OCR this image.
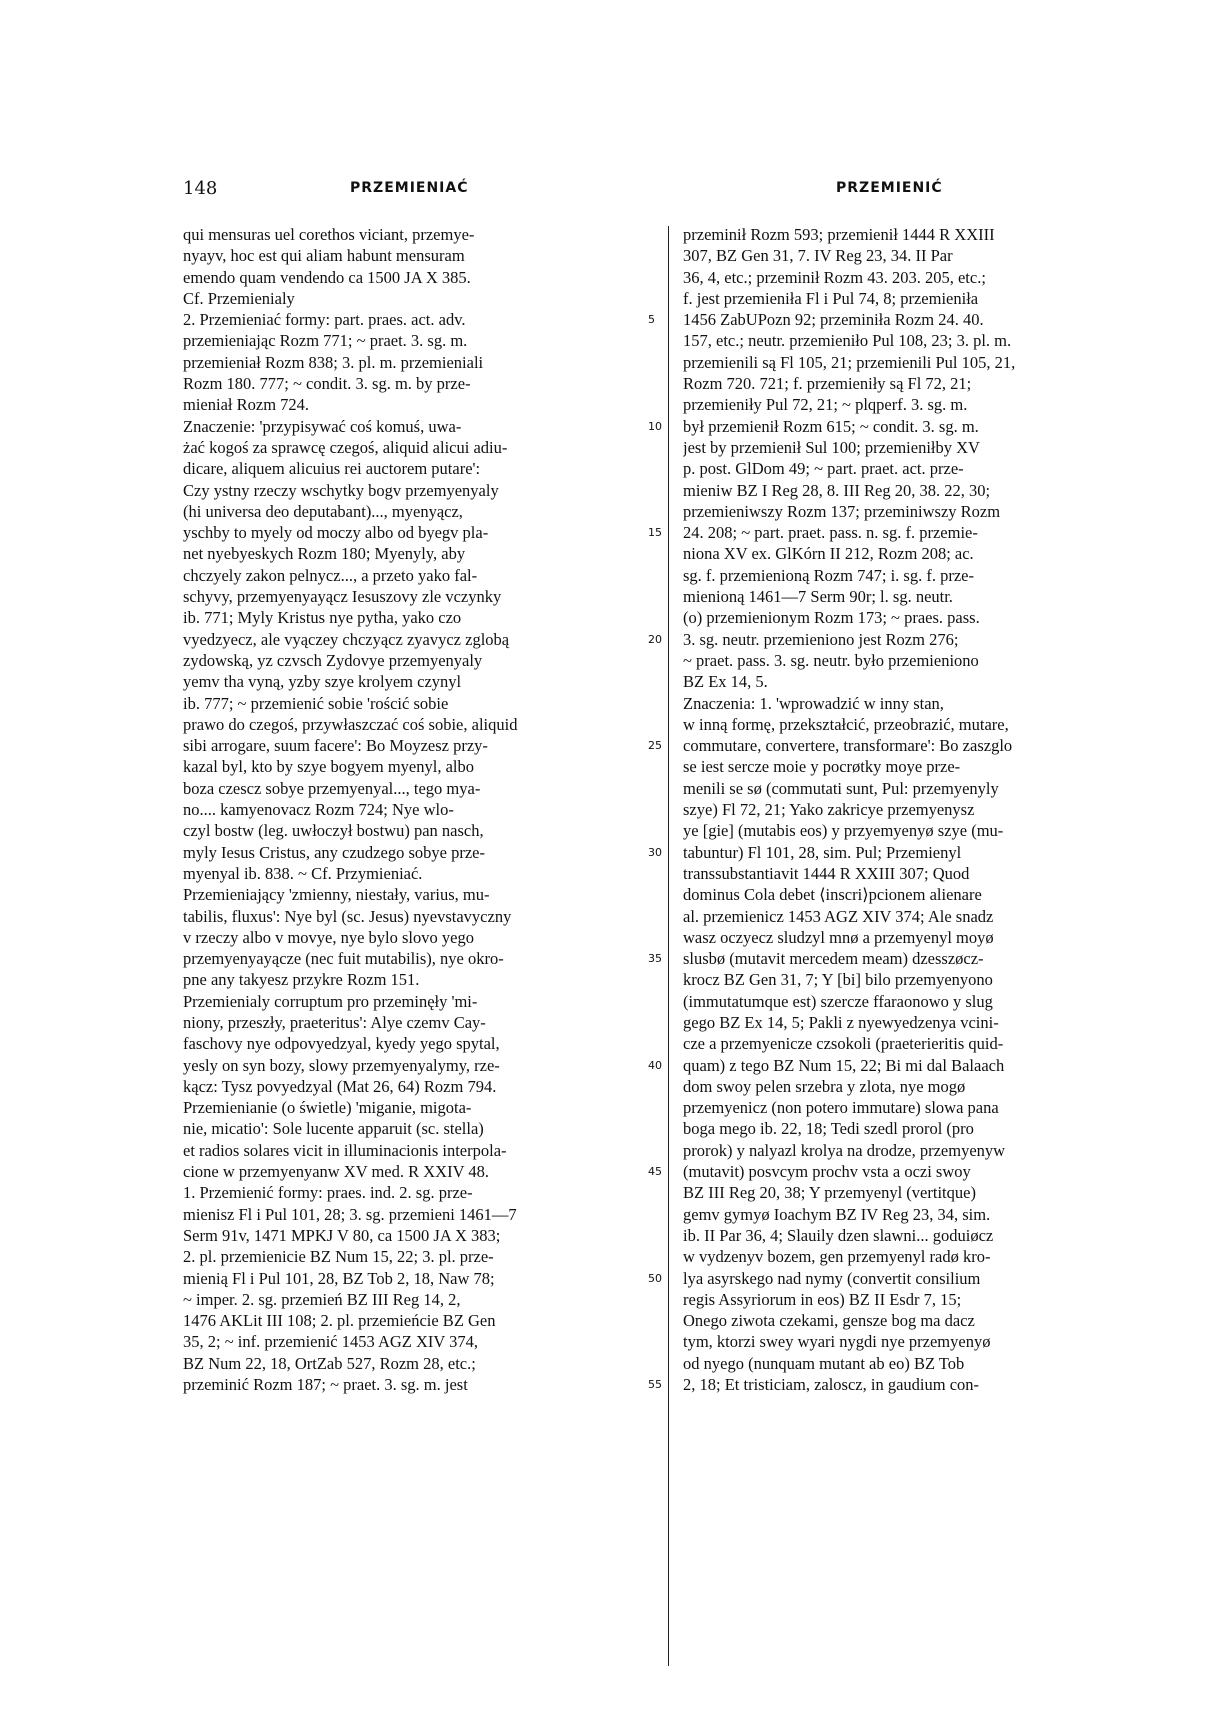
148	PRZEMIENIAĆ	PRZEMIENIĆ
qui mensuras uel corethos viciant, przemye-
nyayv, hoc est qui aliam habunt mensuram
emendo quam vendendo ca 1500 JA X 385.
Cf. Przemienialy
2. Przemieniać formy: part. praes. act. adv.
przemieniając Rozm 771; ~ praet. 3. sg. m.
przemieniał Rozm 838; 3. pl. m. przemieniali
Rozm 180. 777; ~ condit. 3. sg. m. by prze-
mieniał Rozm 724.
Znaczenie: 'przypisywać coś komuś, uwa-
żać kogoś za sprawcę czegoś, aliquid alicui adiu-
dicare, aliquem alicuius rei auctorem putare':
Czy ystny rzeczy wschytky bogv przemyenyaly
(hi universa deo deputabant)..., myenyącz,
yschby to myely od moczy albo od byegv pla-
net nyebyeskych Rozm 180; Myenyly, aby
chczyely zakon pelnycz..., a przeto yako fal-
schyvy, przemyenyayącz Iesuszovy zle vczynky
ib. 771; Myly Kristus nye pytha, yako czo
vyedzyecz, ale vyączey chczyącz zyavycz zglobą
zydowską, yz czvsch Zydovye przemyenyaly
yemv tha vyną, yzby szye krolyem czynyl
ib. 777; ~ przemienić sobie 'rościć sobie
prawo do czegoś, przywłaszczać coś sobie, aliquid
sibi arrogare, suum facere': Bo Moyzesz przy-
kazal byl, kto by szye bogyem myenyl, albo
boza czescz sobye przemyenyal..., tego mya-
no.... kamyenovacz Rozm 724; Nye wlo-
czyl bostw (leg. uwłoczył bostwu) pan nasch,
myly Iesus Cristus, any czudzego sobye prze-
myenyal ib. 838. ~ Cf. Przymieniać.
Przemieniający 'zmienny, niestały, varius, mu-
tabilis, fluxus': Nye byl (sc. Jesus) nyevstavyczny
v rzeczy albo v movye, nye bylo slovo yego
przemyenyayącze (nec fuit mutabilis), nye okro-
pne any takyesz przykre Rozm 151.
Przemienialy corruptum pro przeminęły 'mi-
niony, przeszły, praeteritus': Alye czemv Cay-
faschovy nye odpovyedzyal, kyedy yego spytal,
yesly on syn bozy, slowy przemyenyalymy, rze-
kącz: Tysz povyedzyal (Mat 26, 64) Rozm 794.
Przemienianie (o świetle) 'miganie, migota-
nie, micatio': Sole lucente apparuit (sc. stella)
et radios solares vicit in illuminacionis interpola-
cione w przemyenyanw XV med. R XXIV 48.
1. Przemienić formy: praes. ind. 2. sg. prze-
mienisz Fl i Pul 101, 28; 3. sg. przemieni 1461—7
Serm 91v, 1471 MPKJ V 80, ca 1500 JA X 383;
2. pl. przemienicie BZ Num 15, 22; 3. pl. prze-
mienią Fl i Pul 101, 28, BZ Tob 2, 18, Naw 78;
~ imper. 2. sg. przemień BZ III Reg 14, 2,
1476 AKLit III 108; 2. pl. przemieńcie BZ Gen
35, 2; ~ inf. przemienić 1453 AGZ XIV 374,
BZ Num 22, 18, OrtZab 527, Rozm 28, etc.;
przeminić Rozm 187; ~ praet. 3. sg. m. jest
5
10
15
20
25
30
35
40
45
50
55
przeminił Rozm 593; przemienił 1444 R XXIII
307, BZ Gen 31, 7. IV Reg 23, 34. II Par
36, 4, etc.; przeminił Rozm 43. 203. 205, etc.;
f. jest przemieniła Fl i Pul 74, 8; przemieniła
1456 ZabUPozn 92; przeminiła Rozm 24. 40.
157, etc.; neutr. przemieniło Pul 108, 23; 3. pl. m.
przemienili są Fl 105, 21; przemienili Pul 105, 21,
Rozm 720. 721; f. przemieniły są Fl 72, 21;
przemieniły Pul 72, 21; ~ plqperf. 3. sg. m.
był przemienił Rozm 615; ~ condit. 3. sg. m.
jest by przemienił Sul 100; przemieniłby XV
p. post. GlDom 49; ~ part. praet. act. prze-
mieniw BZ I Reg 28, 8. III Reg 20, 38. 22, 30;
przemieniwszy Rozm 137; przeminiwszy Rozm
24. 208; ~ part. praet. pass. n. sg. f. przemie-
niona XV ex. GlKórn II 212, Rozm 208; ac.
sg. f. przemienioną Rozm 747; i. sg. f. prze-
mienioną 1461—7 Serm 90r; l. sg. neutr.
(o) przemienionym Rozm 173; ~ praes. pass.
3. sg. neutr. przemieniono jest Rozm 276;
~ praet. pass. 3. sg. neutr. było przemieniono
BZ Ex 14, 5.
Znaczenia: 1. 'wprowadzić w inny stan,
w inną formę, przekształcić, przeobrazić, mutare,
commutare, convertere, transformare': Bo zaszglo
se iest sercze moie y pocrøtky moye prze-
menili se sø (commutati sunt, Pul: przemyenyly
szye) Fl 72, 21; Yako zakricye przemyenysz
ye [gie] (mutabis eos) y przyemyenyø szye (mu-
tabuntur) Fl 101, 28, sim. Pul; Przemienyl
transsubstantiavit 1444 R XXIII 307; Quod
dominus Cola debet ⟨inscri⟩pcionem alienare
al. przemienicz 1453 AGZ XIV 374; Ale snadz
wasz oczyecz sludzyl mnø a przemyenyl moyø
slusbø (mutavit mercedem meam) dzesszøcz-
krocz BZ Gen 31, 7; Y [bi] bilo przemyenyono
(immutatumque est) szercze ffaraonowo y slug
gego BZ Ex 14, 5; Pakli z nyewyedzenya vcini-
cze a przemyenicze czsokoli (praeterieritis quid-
quam) z tego BZ Num 15, 22; Bi mi dal Balaach
dom swoy pelen srzebra y zlota, nye mogø
przemyenicz (non potero immutare) slowa pana
boga mego ib. 22, 18; Tedi szedl prorol (pro
prorok) y nalyazl krolya na drodze, przemyenyw
(mutavit) posvcym prochv vsta a oczi swoy
BZ III Reg 20, 38; Y przemyenyl (vertitque)
gemv gymyø Ioachym BZ IV Reg 23, 34, sim.
ib. II Par 36, 4; Slauily dzen slawni... goduiøcz
w vydzenyv bozem, gen przemyenyl radø kro-
lya asyrskego nad nymy (convertit consilium
regis Assyriorum in eos) BZ II Esdr 7, 15;
Onego ziwota czekami, gensze bog ma dacz
tym, ktorzi swey wyari nygdi nye przemyenyø
od nyego (nunquam mutant ab eo) BZ Tob
2, 18; Et tristiciam, zaloscz, in gaudium con-
